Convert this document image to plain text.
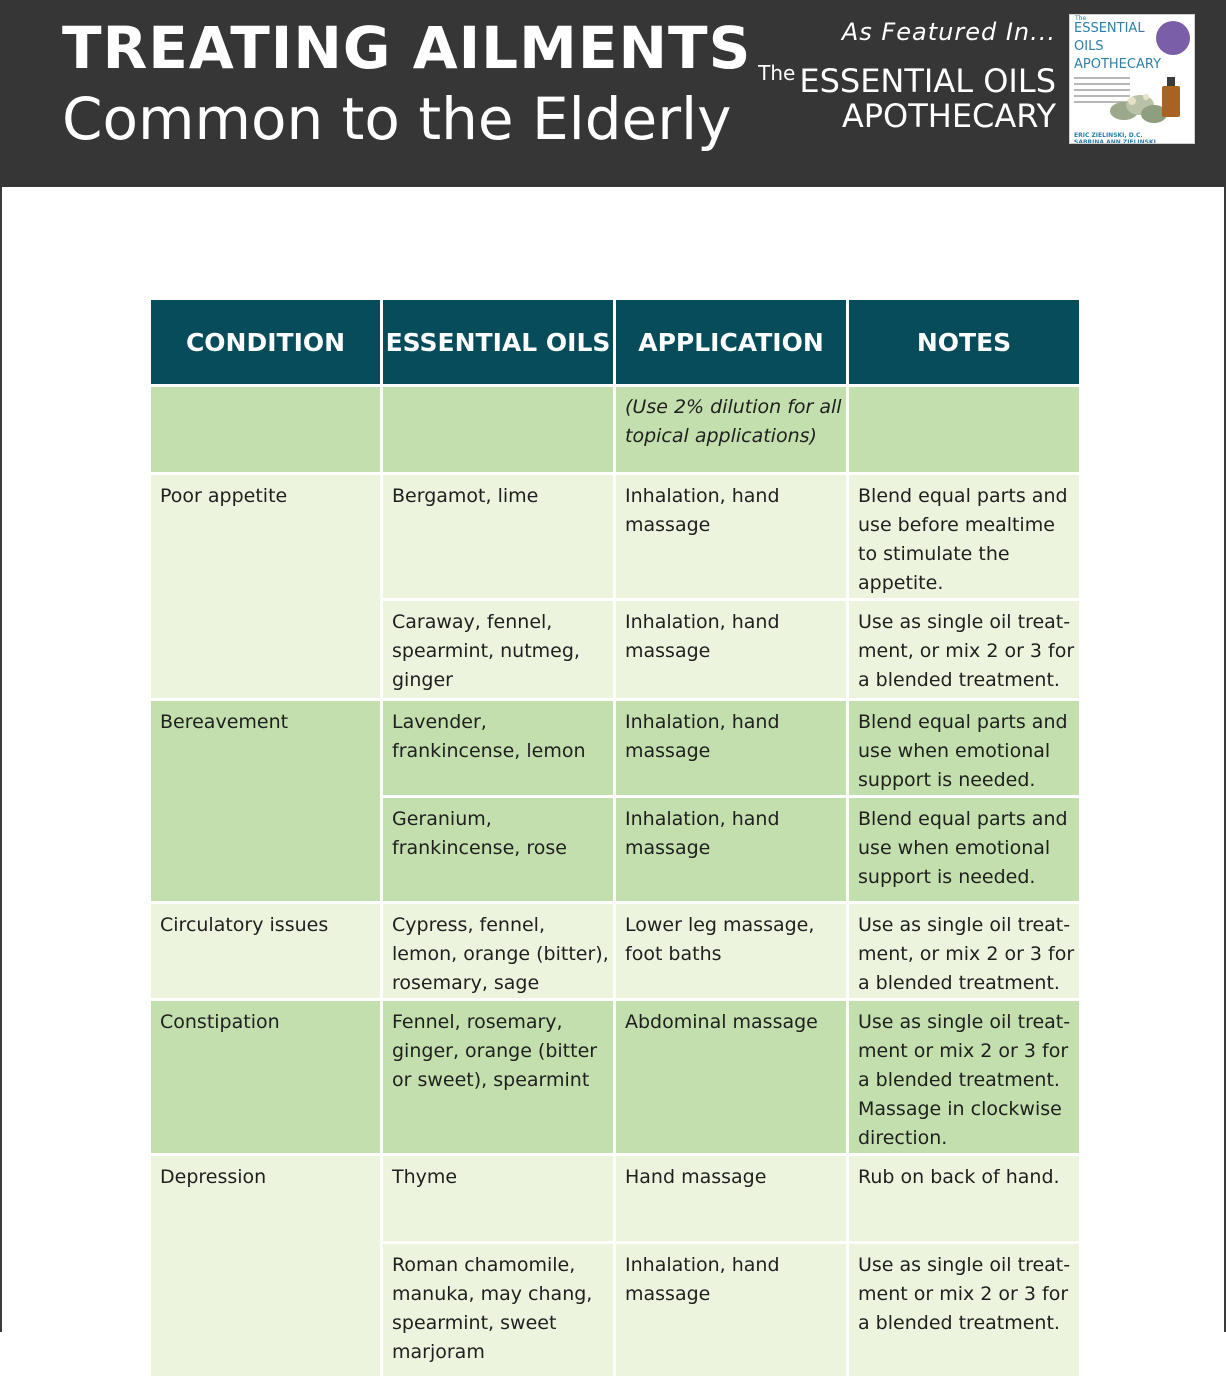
TREATING AILMENTS
Common to the Elderly
As Featured In...
$^{The}$ ESSENTIAL OILS
APOTHECARY
The
ESSENTIAL
OILS
APOTHECARY
ERIC ZIELINSKI, D.C.
SABRINA ANN ZIELINSKI
CONDITION	ESSENTIAL OILS	APPLICATION	NOTES
		(Use 2% dilution for all topical applications)	
Poor appetite	Bergamot, lime	Inhalation, hand massage	Blend equal parts and use before mealtime to stimulate the appetite.
	Caraway, fennel, spearmint, nutmeg, ginger	Inhalation, hand massage	Use as single oil treat-ment, or mix 2 or 3 for a blended treatment.
Bereavement	Lavender, frankincense, lemon	Inhalation, hand massage	Blend equal parts and use when emotional support is needed.
	Geranium, frankincense, rose	Inhalation, hand massage	Blend equal parts and use when emotional support is needed.
Circulatory issues	Cypress, fennel, lemon, orange (bitter), rosemary, sage	Lower leg massage, foot baths	Use as single oil treat-ment, or mix 2 or 3 for a blended treatment.
Constipation	Fennel, rosemary, ginger, orange (bitter or sweet), spearmint	Abdominal massage	Use as single oil treat-ment or mix 2 or 3 for a blended treatment. Massage in clockwise direction.
Depression	Thyme	Hand massage	Rub on back of hand.
	Roman chamomile, manuka, may chang, spearmint, sweet marjoram	Inhalation, hand massage	Use as single oil treat-ment or mix 2 or 3 for a blended treatment.
